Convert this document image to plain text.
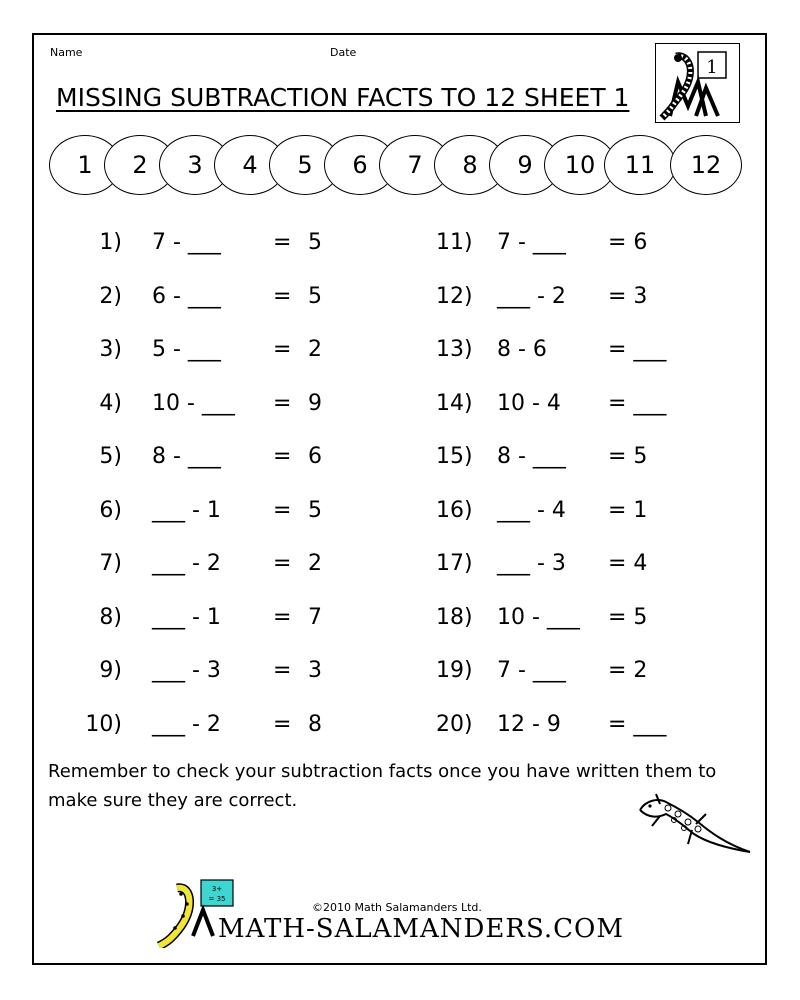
Name	Date
MISSING SUBTRACTION FACTS TO 12 SHEET 1
1
1	2	3	4	5	6	7	8	9	10	11	12
1) 7 - ___ = 5
2) 6 - ___ = 5
3) 5 - ___ = 2
4) 10 - ___ = 9
5) 8 - ___ = 6
6) ___ - 1 = 5
7) ___ - 2 = 2
8) ___ - 1 = 7
9) ___ - 3 = 3
10) ___ - 2 = 8
11) 7 - ___ = 6
12) ___ - 2 = 3
13) 8 - 6	= ___
14) 10 - 4 = ___
15) 8 - ___ = 5
16) ___ - 4 = 1
17) ___ - 3 = 4
18) 10 - ___ = 5
19) 7 - ___ = 2
20) 12 - 9 = ___
Remember to check your subtraction facts once you have written them to make sure they are correct.
©2010 Math Salamanders Ltd.
3+
= 35
MATH-SALAMANDERS.COM
